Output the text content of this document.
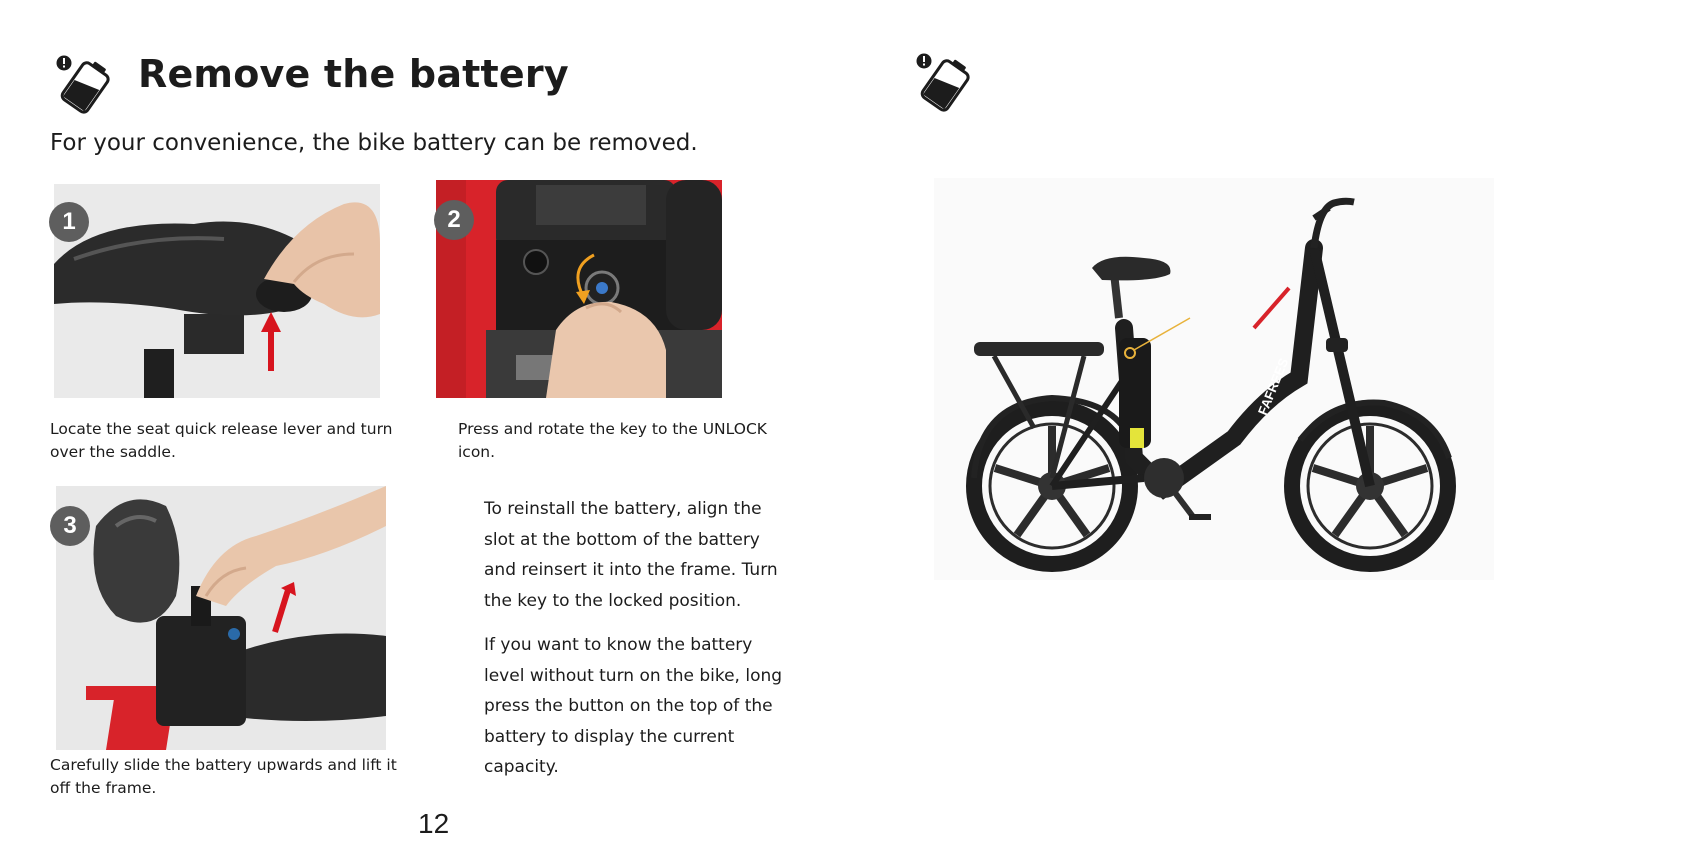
Remove the battery
For your convenience, the bike battery can be removed.
1
Locate the seat quick release lever and turn over the saddle.
2
Press and rotate the key to the UNLOCK icon.
3
Carefully slide the battery upwards and lift it off the frame.
To reinstall the battery, align the slot at the bottom of the battery and reinsert it into the frame. Turn the key to the locked position.
If you want to know the battery level without turn on the bike, long press the button on the top of the battery to display the current capacity.
12
FAFREES
